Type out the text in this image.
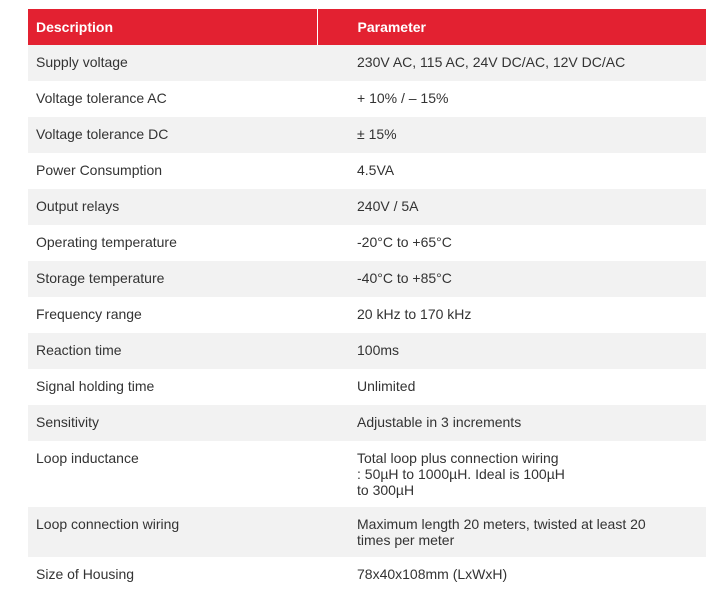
Description	Parameter
Supply voltage	230V AC, 115 AC, 24V DC/AC, 12V DC/AC
Voltage tolerance AC	+ 10% / – 15%
Voltage tolerance DC	± 15%
Power Consumption	4.5VA
Output relays	240V / 5A
Operating temperature	-20°C to +65°C
Storage temperature	-40°C to +85°C
Frequency range	20 kHz to 170 kHz
Reaction time	100ms
Signal holding time	Unlimited
Sensitivity	Adjustable in 3 increments
Loop inductance	Total loop plus connection wiring
: 50µH to 1000µH. Ideal is 100µH
to 300µH
Loop connection wiring	Maximum length 20 meters, twisted at least 20
times per meter
Size of Housing	78x40x108mm (LxWxH)
